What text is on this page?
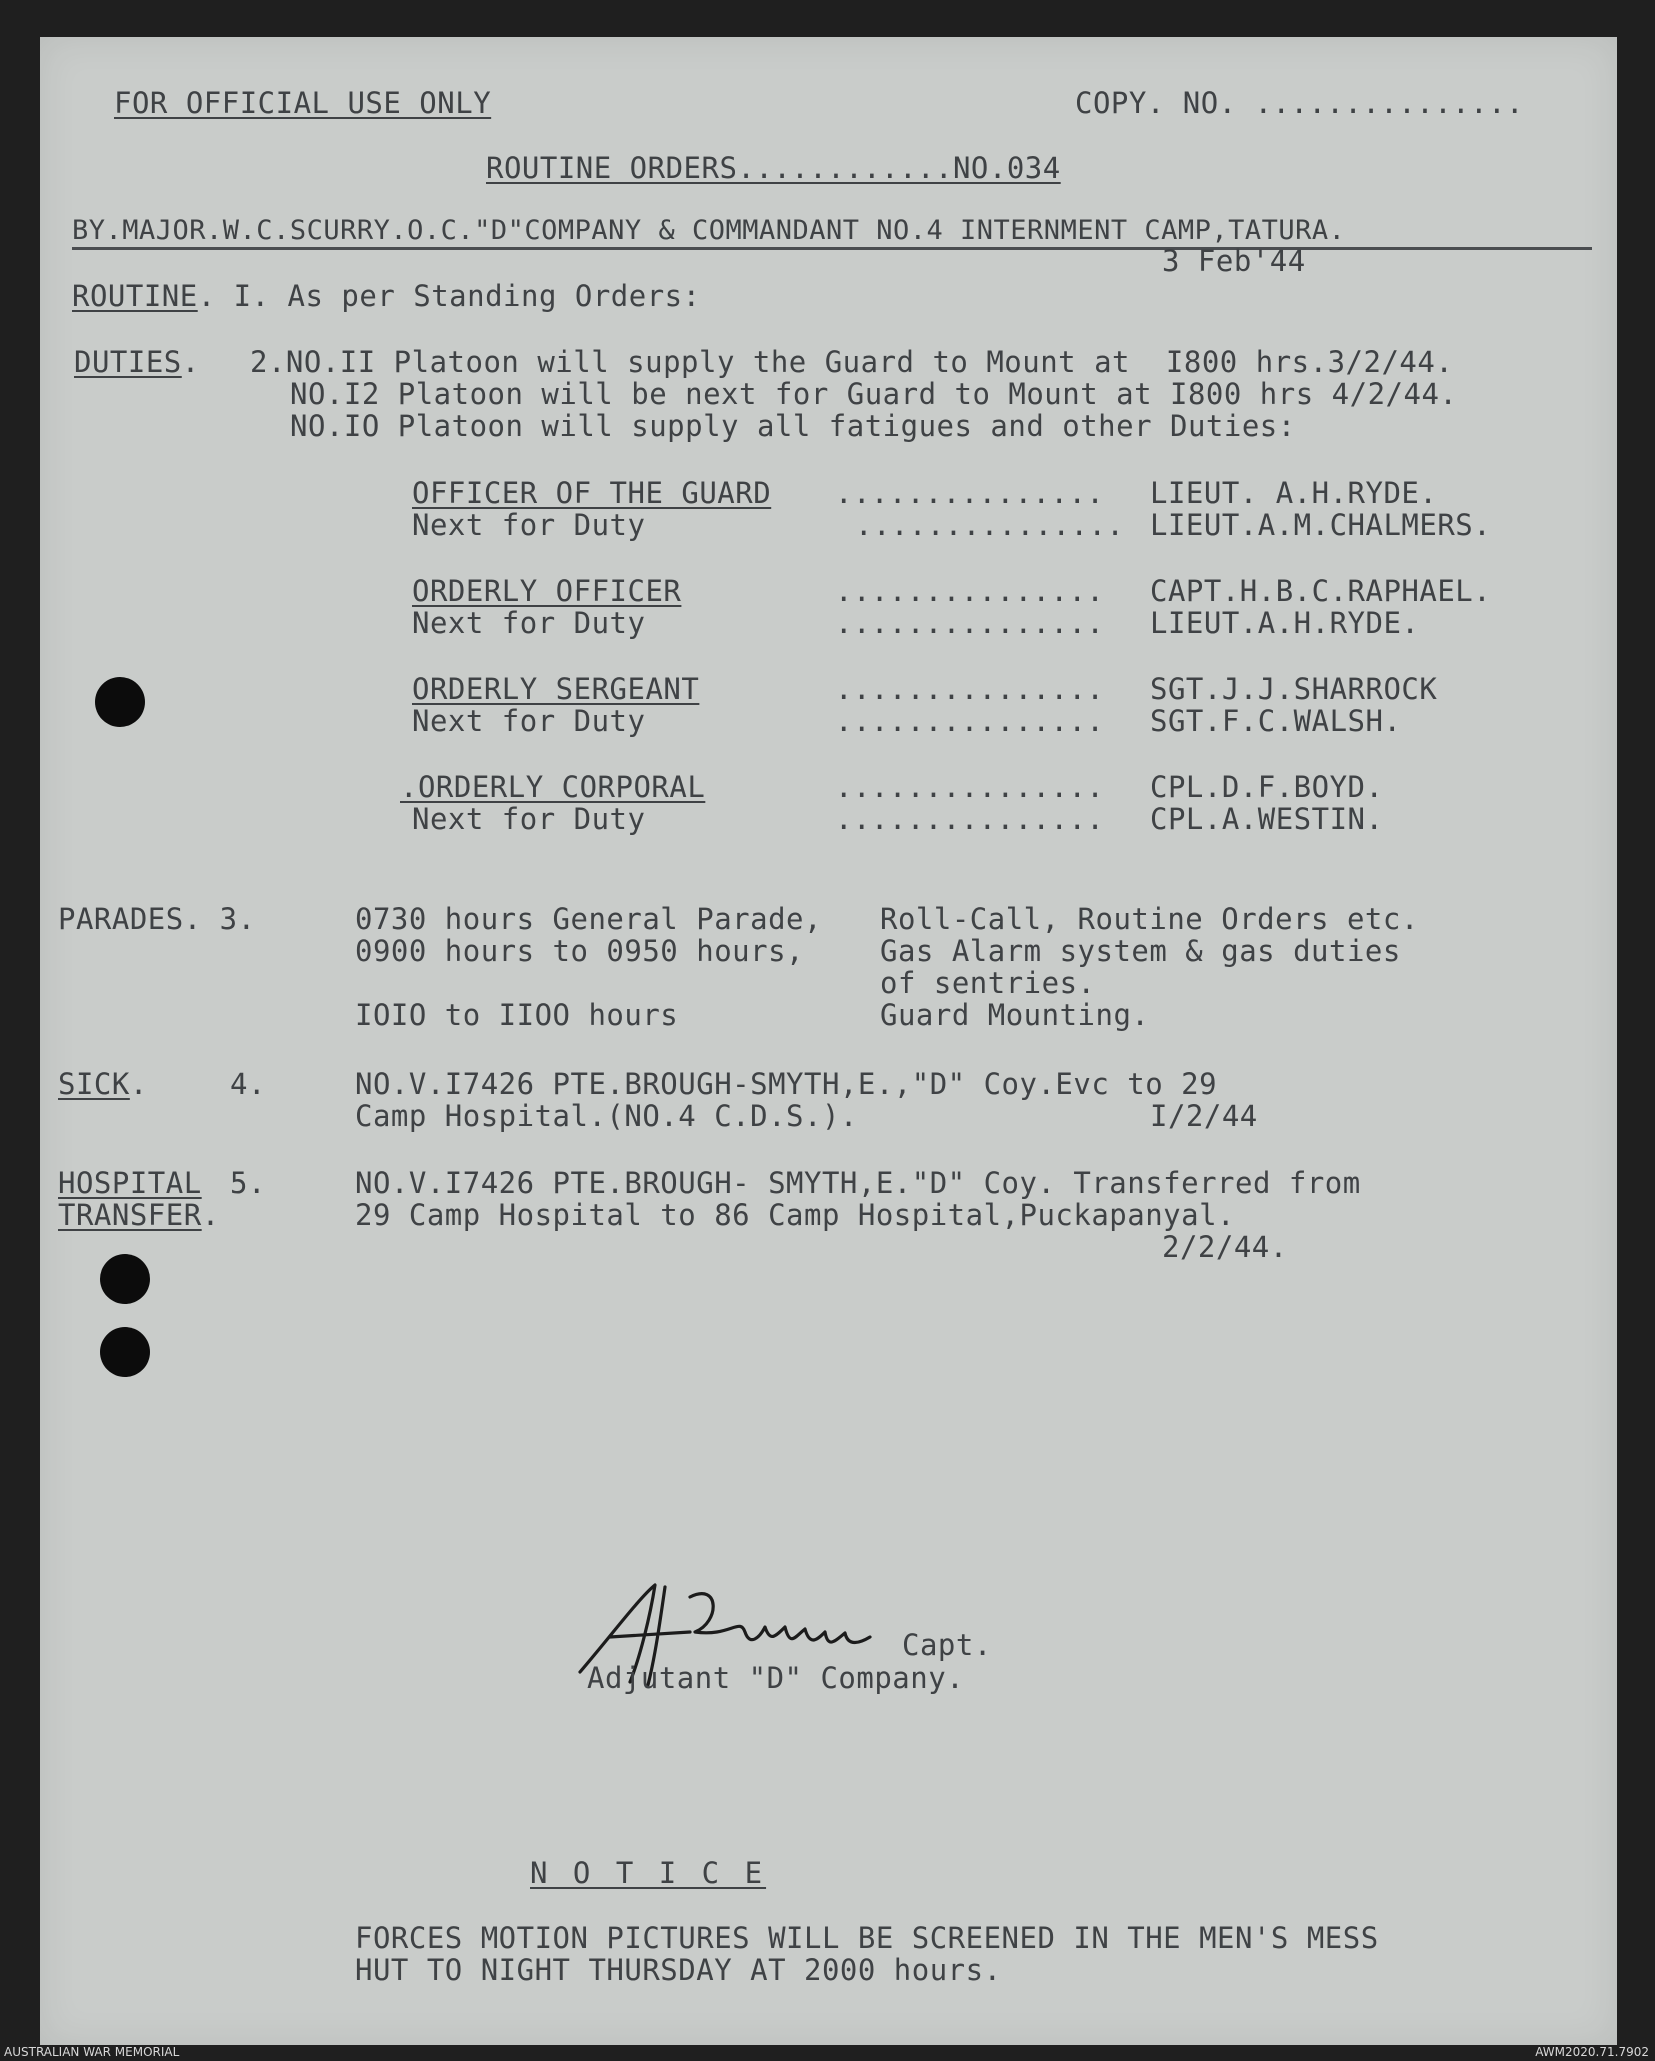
FOR OFFICIAL USE ONLY	COPY. NO. ...............
ROUTINE ORDERS............NO.034
BY.MAJOR.W.C.SCURRY.O.C."D"COMPANY & COMMANDANT NO.4 INTERNMENT CAMP,TATURA.
3 Feb'44
ROUTINE. I. As per Standing Orders:
DUTIES. 2.NO.II Platoon will supply the Guard to Mount at  I800 hrs.3/2/44.
NO.I2 Platoon will be next for Guard to Mount at I800 hrs 4/2/44.
NO.IO Platoon will supply all fatigues and other Duties:
OFFICER OF THE GUARD ............... LIEUT. A.H.RYDE.
Next for Duty	............... LIEUT.A.M.CHALMERS.
ORDERLY OFFICER	............... CAPT.H.B.C.RAPHAEL.
Next for Duty	............... LIEUT.A.H.RYDE.
ORDERLY SERGEANT	............... SGT.J.J.SHARROCK
Next for Duty	............... SGT.F.C.WALSH.
.ORDERLY CORPORAL	............... CPL.D.F.BOYD.
Next for Duty	............... CPL.A.WESTIN.
PARADES. 3.	0730 hours General Parade, Roll-Call, Routine Orders etc.
0900 hours to 0950 hours,	Gas Alarm system & gas duties
of sentries.
IOIO to IIOO hours	Guard Mounting.
SICK.	4.	NO.V.I7426 PTE.BROUGH-SMYTH,E.,"D" Coy.Evc to 29
Camp Hospital.(NO.4 C.D.S.).	I/2/44
HOSPITAL 5.
TRANSFER.
NO.V.I7426 PTE.BROUGH- SMYTH,E."D" Coy. Transferred from
29 Camp Hospital to 86 Camp Hospital,Puckapanyal.
2/2/44.
Capt.
Adjutant "D" Company.
N O T I C E
FORCES MOTION PICTURES WILL BE SCREENED IN THE MEN'S MESS
HUT TO NIGHT THURSDAY AT 2000 hours.
AUSTRALIAN WAR MEMORIAL	AWM2020.71.7902
